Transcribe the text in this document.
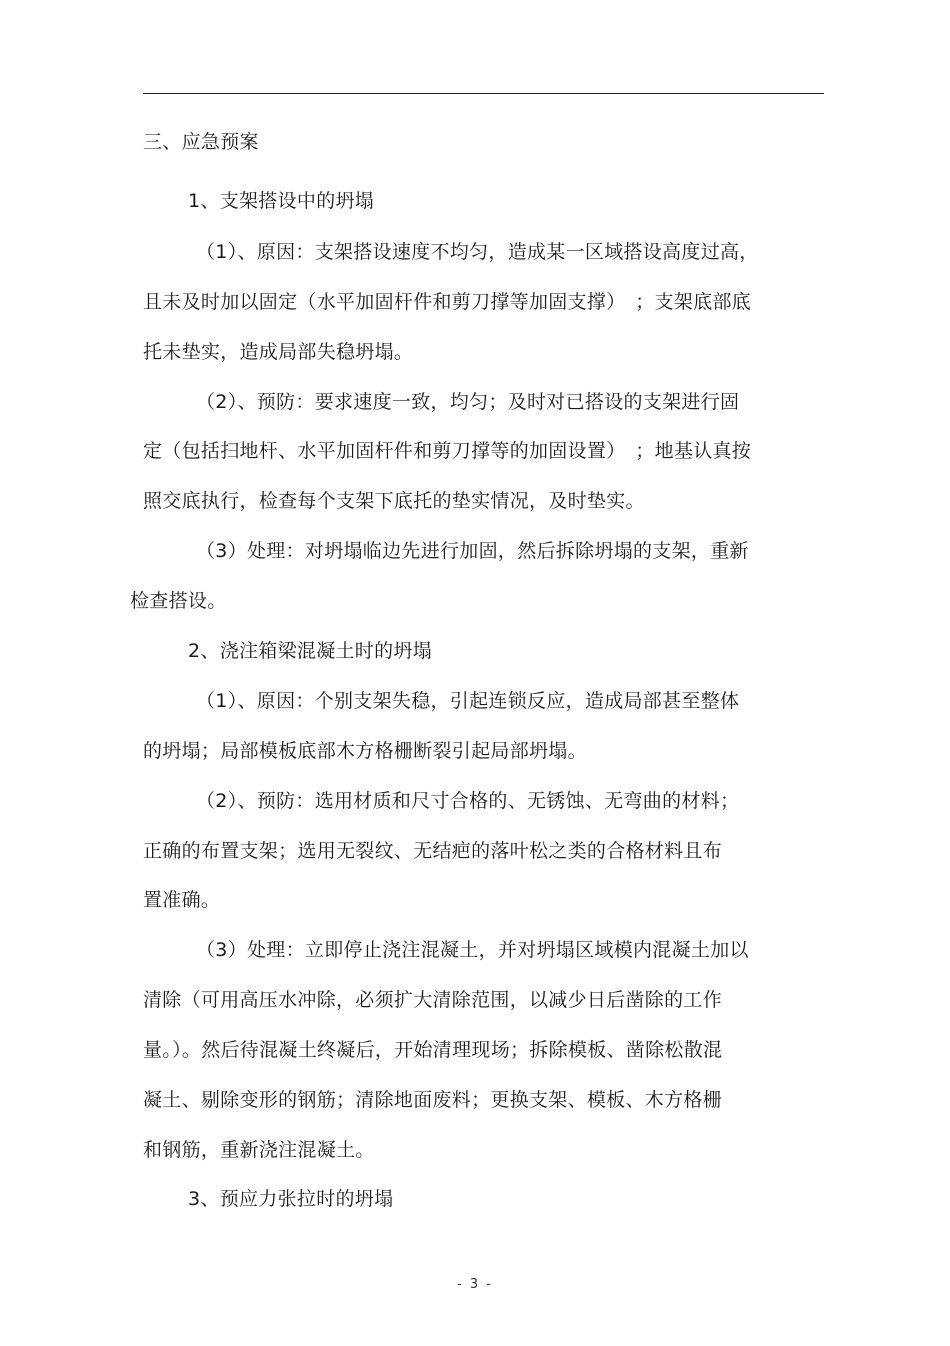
三、应急预案
1、支架搭设中的坍塌
（1）、原因：支架搭设速度不均匀，造成某一区域搭设高度过高，
且未及时加以固定（水平加固杆件和剪刀撑等加固支撑）　；支架底部底
托未垫实，造成局部失稳坍塌。
（2）、预防：要求速度一致，均匀；及时对已搭设的支架进行固
定（包括扫地杆、水平加固杆件和剪刀撑等的加固设置）　；地基认真按
照交底执行，检查每个支架下底托的垫实情况，及时垫实。
（3）处理：对坍塌临边先进行加固，然后拆除坍塌的支架，重新
检查搭设。
2、浇注箱梁混凝土时的坍塌
（1）、原因：个别支架失稳，引起连锁反应，造成局部甚至整体
的坍塌；局部模板底部木方格栅断裂引起局部坍塌。
（2）、预防：选用材质和尺寸合格的、无锈蚀、无弯曲的材料；
正确的布置支架；选用无裂纹、无结疤的落叶松之类的合格材料且布
置准确。
（3）处理：立即停止浇注混凝土，并对坍塌区域模内混凝土加以
清除（可用高压水冲除，必须扩大清除范围，以减少日后凿除的工作
量。）。然后待混凝土终凝后，开始清理现场；拆除模板、凿除松散混
凝土、剔除变形的钢筋；清除地面废料；更换支架、模板、木方格栅
和钢筋，重新浇注混凝土。
3、预应力张拉时的坍塌
- 3 -
